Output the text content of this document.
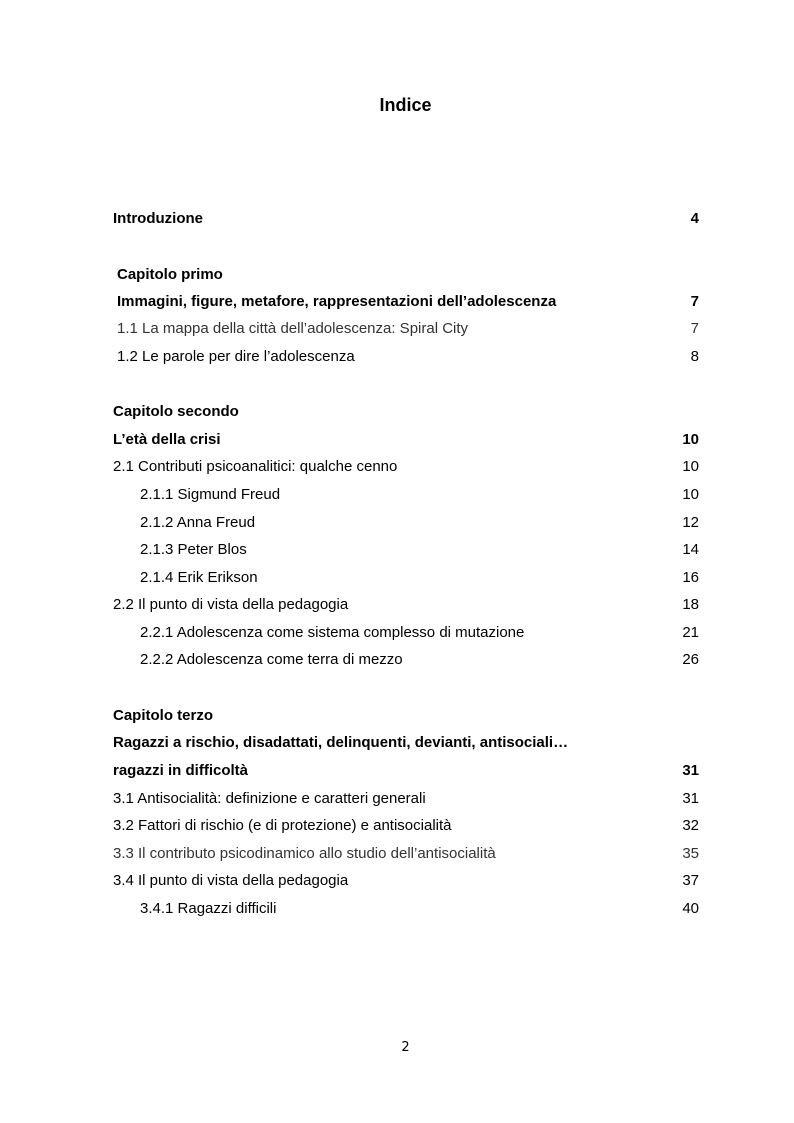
Indice
Introduzione	4
Capitolo primo
Immagini, figure, metafore, rappresentazioni dell’adolescenza	7
1.1 La mappa della città dell’adolescenza: Spiral City	7
1.2 Le parole per dire l’adolescenza	8
Capitolo secondo
L’età della crisi	10
2.1 Contributi psicoanalitici: qualche cenno	10
2.1.1 Sigmund Freud	10
2.1.2 Anna Freud	12
2.1.3 Peter Blos	14
2.1.4 Erik Erikson	16
2.2 Il punto di vista della pedagogia	18
2.2.1 Adolescenza come sistema complesso di mutazione	21
2.2.2 Adolescenza come terra di mezzo	26
Capitolo terzo
Ragazzi a rischio, disadattati, delinquenti, devianti, antisociali…
ragazzi in difficoltà	31
3.1 Antisocialità: definizione e caratteri generali	31
3.2 Fattori di rischio (e di protezione) e antisocialità	32
3.3 Il contributo psicodinamico allo studio dell’antisocialità	35
3.4 Il punto di vista della pedagogia	37
3.4.1 Ragazzi difficili	40
2
